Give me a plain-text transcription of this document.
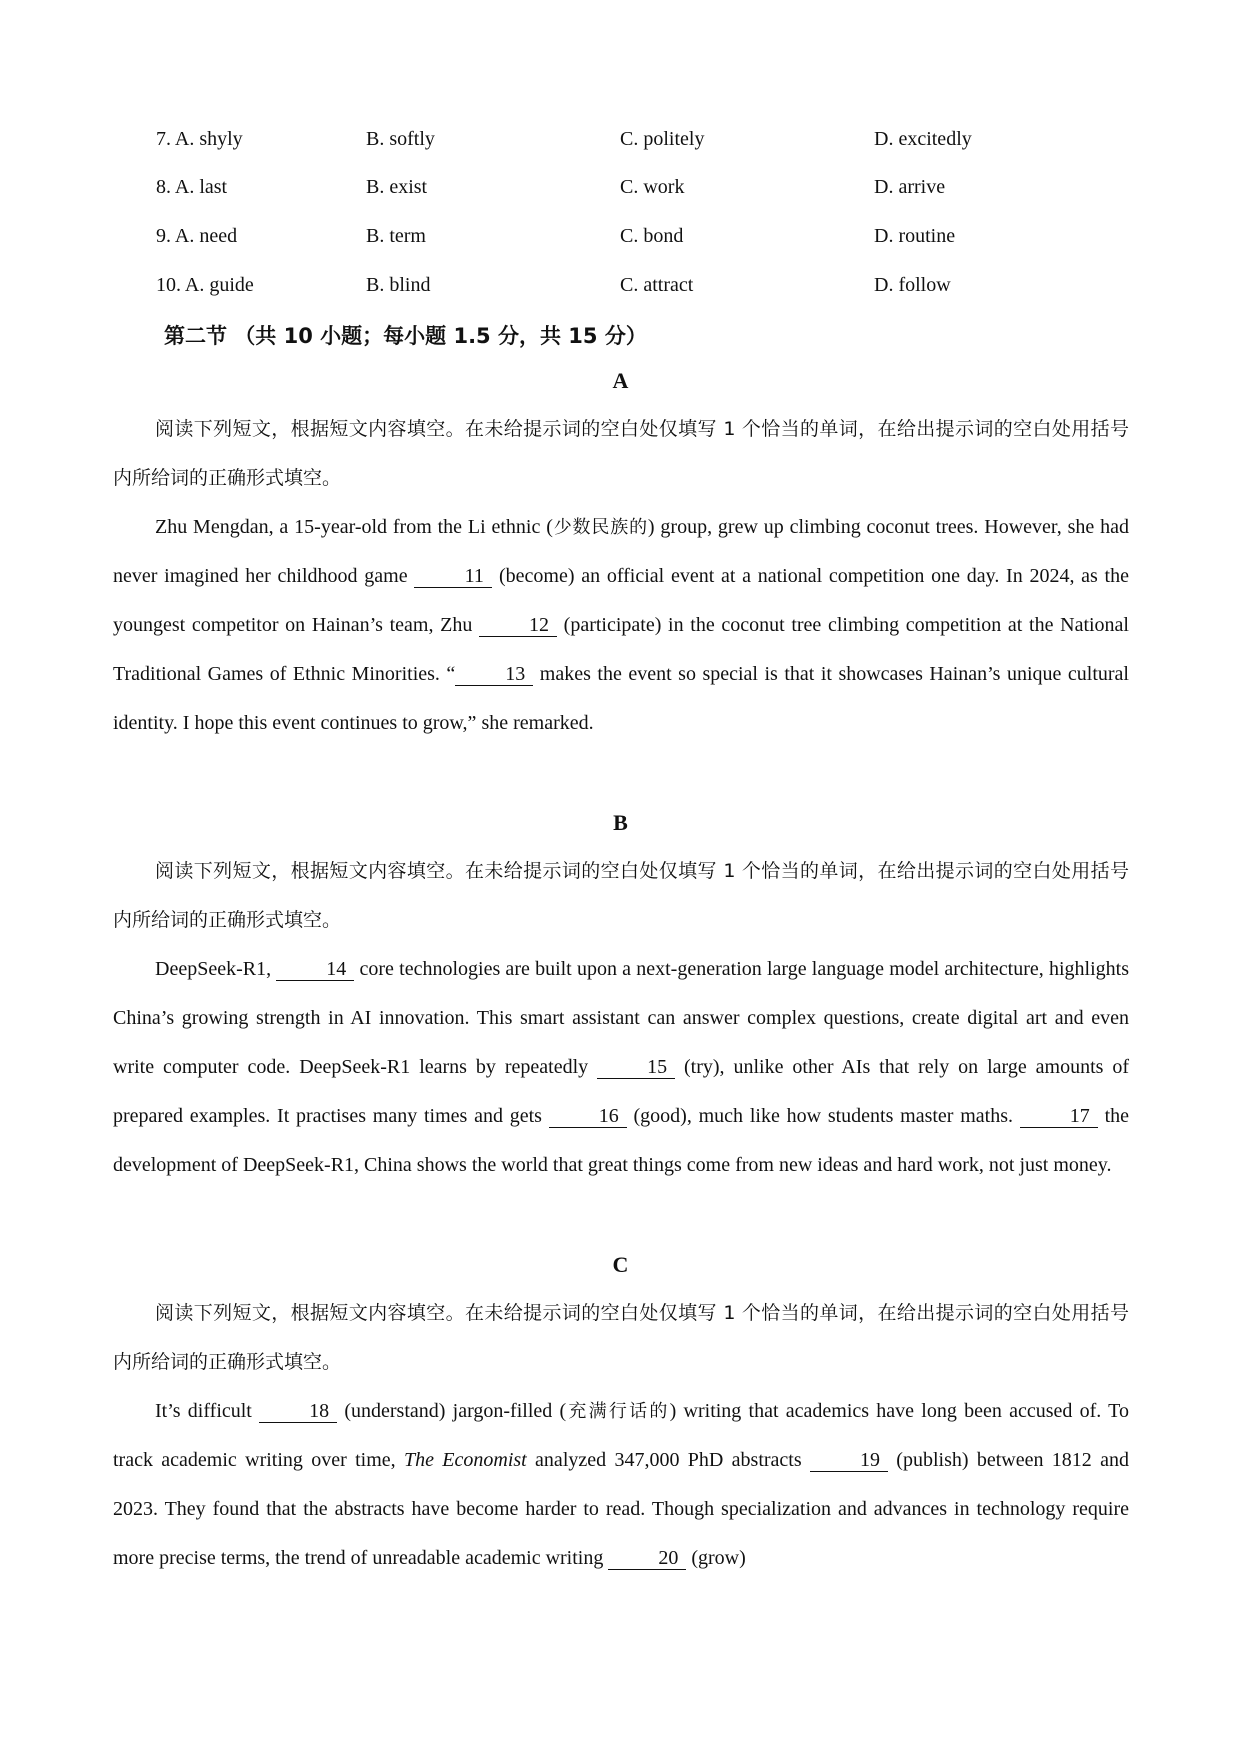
7. A. shyly	B. softly	C. politely	D. excitedly
8. A. last	B. exist	C. work	D. arrive
9. A. need	B. term	C. bond	D. routine
10. A. guide	B. blind	C. attract	D. follow
第二节 （共 10 小题；每小题 1.5 分，共 15 分）
A

阅读下列短文，根据短文内容填空。在未给提示词的空白处仅填写 1 个恰当的单词，在给出提示词的空白处用括号内所给词的正确形式填空。

Zhu Mengdan, a 15-year-old from the Li ethnic (少数民族的) group, grew up climbing coconut trees. However, she had never imagined her childhood game	11 (become) an official event at a national competition one day. In 2024, as the youngest competitor on Hainan’s team, Zhu	12 (participate) in the coconut tree climbing competition at the National Traditional Games of Ethnic Minorities. “	13 makes the event so special is that it showcases Hainan’s unique cultural identity. I hope this event continues to grow,” she remarked.

B

阅读下列短文，根据短文内容填空。在未给提示词的空白处仅填写 1 个恰当的单词，在给出提示词的空白处用括号内所给词的正确形式填空。

DeepSeek-R1,	14 core technologies are built upon a next-generation large language model architecture, highlights China’s growing strength in AI innovation. This smart assistant can answer complex questions, create digital art and even write computer code. DeepSeek-R1 learns by repeatedly	15 (try), unlike other AIs that rely on large amounts of prepared examples. It practises many times and gets	16 (good), much like how students master maths.	17 the development of DeepSeek-R1, China shows the world that great things come from new ideas and hard work, not just money.

C

阅读下列短文，根据短文内容填空。在未给提示词的空白处仅填写 1 个恰当的单词，在给出提示词的空白处用括号内所给词的正确形式填空。

It’s difficult	18 (understand) jargon-filled (充满行话的) writing that academics have long been accused of. To track academic writing over time, The Economist analyzed 347,000 PhD abstracts	19 (publish) between 1812 and 2023. They found that the abstracts have become harder to read. Though specialization and advances in technology require more precise terms, the trend of unreadable academic writing	20 (grow)
